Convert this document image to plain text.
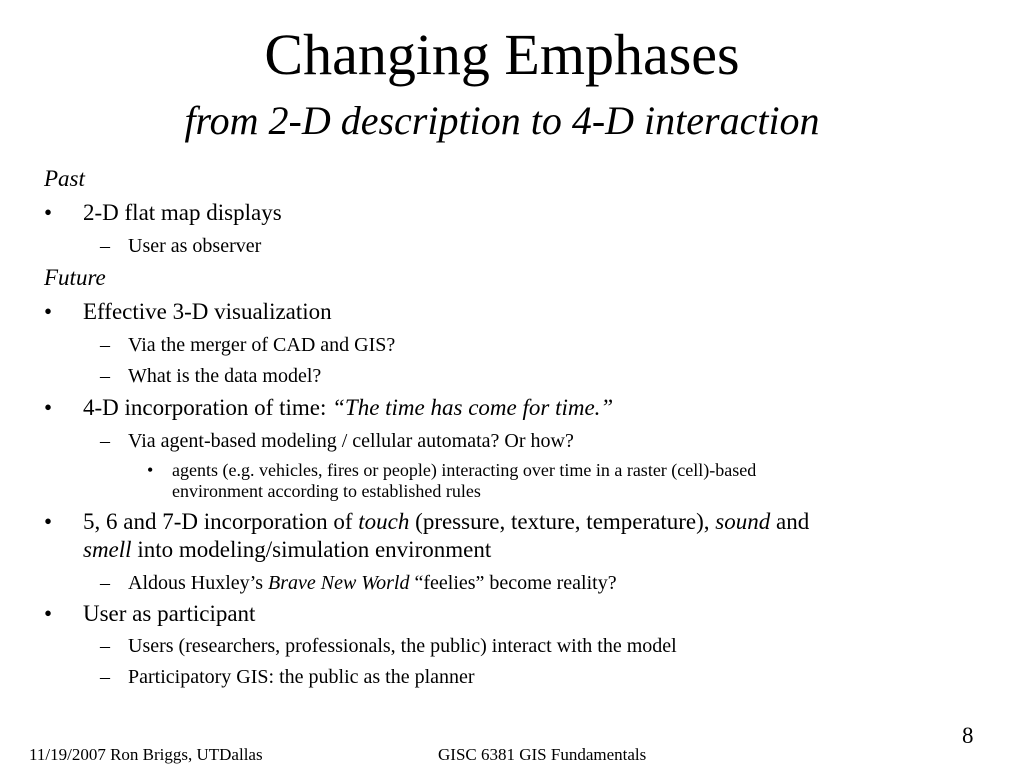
Changing Emphases
from 2-D description to 4-D interaction
Past
• 2-D flat map displays
– User as observer
Future
• Effective 3-D visualization
– Via the merger of CAD and GIS?
– What is the data model?
• 4-D incorporation of time: “The time has come for time.”
– Via agent-based modeling / cellular automata? Or how?
• agents (e.g. vehicles, fires or people) interacting over time in a raster (cell)-based
environment according to established rules
• 5, 6 and 7-D incorporation of touch (pressure, texture, temperature), sound and
smell into modeling/simulation environment
– Aldous Huxley’s Brave New World “feelies” become reality?
• User as participant
– Users (researchers, professionals, the public) interact with the model
– Participatory GIS: the public as the planner
8
11/19/2007 Ron Briggs, UTDallas	GISC 6381 GIS Fundamentals
